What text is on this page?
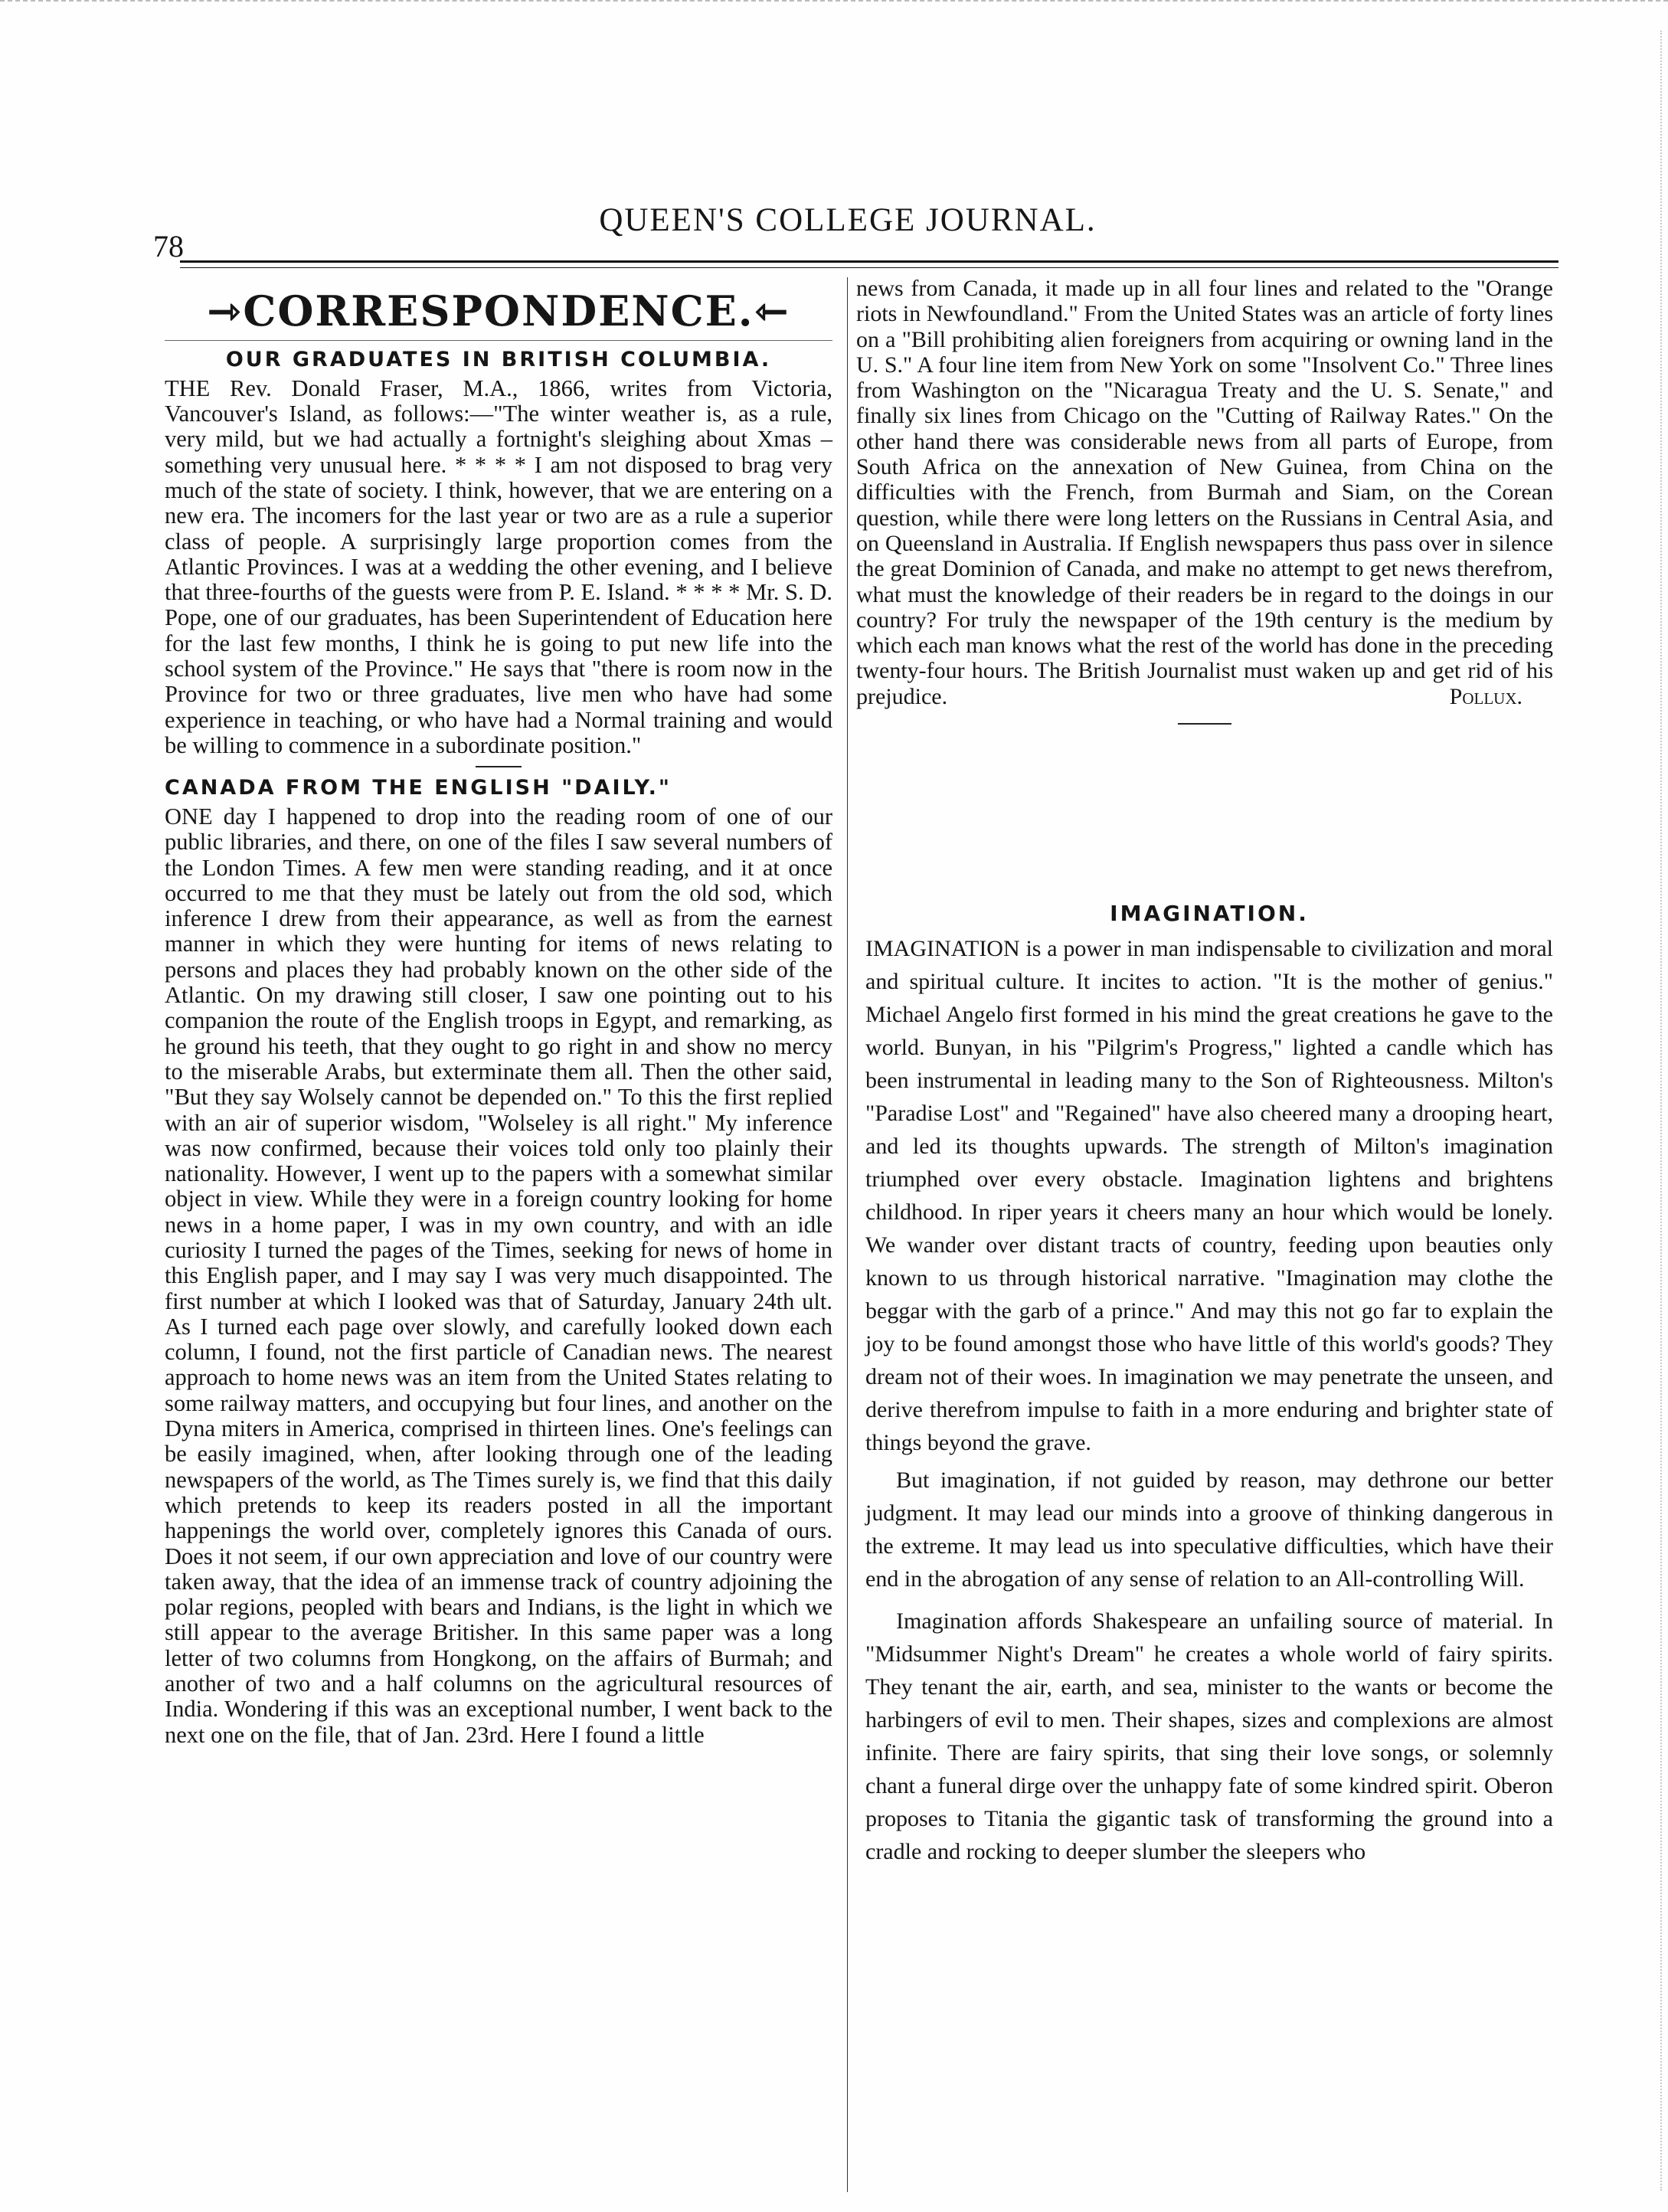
78
QUEEN'S COLLEGE JOURNAL.
⇾CORRESPONDENCE.⇽
OUR GRADUATES IN BRITISH COLUMBIA.

THE Rev. Donald Fraser, M.A., 1866, writes from Victoria, Vancouver's Island, as follows:—"The winter weather is, as a rule, very mild, but we had actually a fortnight's sleighing about Xmas – something very unusual here. * * * * I am not disposed to brag very much of the state of society. I think, however, that we are entering on a new era. The incomers for the last year or two are as a rule a superior class of people. A surprisingly large proportion comes from the Atlantic Provinces. I was at a wedding the other evening, and I believe that three-fourths of the guests were from P. E. Island. * * * * Mr. S. D. Pope, one of our graduates, has been Superintendent of Education here for the last few months, I think he is going to put new life into the school system of the Province." He says that "there is room now in the Province for two or three graduates, live men who have had some experience in teaching, or who have had a Normal training and would be willing to commence in a subordinate position."

CANADA FROM THE ENGLISH "DAILY."

ONE day I happened to drop into the reading room of one of our public libraries, and there, on one of the files I saw several numbers of the London Times. A few men were standing reading, and it at once occurred to me that they must be lately out from the old sod, which inference I drew from their appearance, as well as from the earnest manner in which they were hunting for items of news relating to persons and places they had probably known on the other side of the Atlantic. On my drawing still closer, I saw one pointing out to his companion the route of the English troops in Egypt, and remarking, as he ground his teeth, that they ought to go right in and show no mercy to the miserable Arabs, but exterminate them all. Then the other said, "But they say Wolsely cannot be depended on." To this the first replied with an air of superior wisdom, "Wolseley is all right." My inference was now confirmed, because their voices told only too plainly their nationality. However, I went up to the papers with a somewhat similar object in view. While they were in a foreign country looking for home news in a home paper, I was in my own country, and with an idle curiosity I turned the pages of the Times, seeking for news of home in this English paper, and I may say I was very much disappointed. The first number at which I looked was that of Saturday, January 24th ult. As I turned each page over slowly, and carefully looked down each column, I found, not the first particle of Canadian news. The nearest approach to home news was an item from the United States relating to some railway matters, and occupying but four lines, and another on the Dyna miters in America, comprised in thirteen lines. One's feelings can be easily imagined, when, after looking through one of the leading newspapers of the world, as The Times surely is, we find that this daily which pretends to keep its readers posted in all the important happenings the world over, completely ignores this Canada of ours. Does it not seem, if our own appreciation and love of our country were taken away, that the idea of an immense track of country adjoining the polar regions, peopled with bears and Indians, is the light in which we still appear to the average Britisher. In this same paper was a long letter of two columns from Hongkong, on the affairs of Burmah; and another of two and a half columns on the agricultural resources of India. Wondering if this was an exceptional number, I went back to the next one on the file, that of Jan. 23rd. Here I found a little

news from Canada, it made up in all four lines and related to the "Orange riots in Newfoundland." From the United States was an article of forty lines on a "Bill prohibiting alien foreigners from acquiring or owning land in the U. S." A four line item from New York on some "Insolvent Co." Three lines from Washington on the "Nicaragua Treaty and the U. S. Senate," and finally six lines from Chicago on the "Cutting of Railway Rates." On the other hand there was considerable news from all parts of Europe, from South Africa on the annexation of New Guinea, from China on the difficulties with the French, from Burmah and Siam, on the Corean question, while there were long letters on the Russians in Central Asia, and on Queensland in Australia. If English newspapers thus pass over in silence the great Dominion of Canada, and make no attempt to get news therefrom, what must the knowledge of their readers be in regard to the doings in our country? For truly the newspaper of the 19th century is the medium by which each man knows what the rest of the world has done in the preceding twenty-four hours. The British Journalist must waken up and get rid of his prejudice.	Pollux.
IMAGINATION.

IMAGINATION is a power in man indispensable to civilization and moral and spiritual culture. It incites to action. "It is the mother of genius." Michael Angelo first formed in his mind the great creations he gave to the world. Bunyan, in his "Pilgrim's Progress," lighted a candle which has been instrumental in leading many to the Son of Righteousness. Milton's "Paradise Lost" and "Regained" have also cheered many a drooping heart, and led its thoughts upwards. The strength of Milton's imagination triumphed over every obstacle. Imagination lightens and brightens childhood. In riper years it cheers many an hour which would be lonely. We wander over distant tracts of country, feeding upon beauties only known to us through historical narrative. "Imagination may clothe the beggar with the garb of a prince." And may this not go far to explain the joy to be found amongst those who have little of this world's goods? They dream not of their woes. In imagination we may penetrate the unseen, and derive therefrom impulse to faith in a more enduring and brighter state of things beyond the grave.

But imagination, if not guided by reason, may dethrone our better judgment. It may lead our minds into a groove of thinking dangerous in the extreme. It may lead us into speculative difficulties, which have their end in the abrogation of any sense of relation to an All-controlling Will.

Imagination affords Shakespeare an unfailing source of material. In "Midsummer Night's Dream" he creates a whole world of fairy spirits. They tenant the air, earth, and sea, minister to the wants or become the harbingers of evil to men. Their shapes, sizes and complexions are almost infinite. There are fairy spirits, that sing their love songs, or solemnly chant a funeral dirge over the unhappy fate of some kindred spirit. Oberon proposes to Titania the gigantic task of transforming the ground into a cradle and rocking to deeper slumber the sleepers who
